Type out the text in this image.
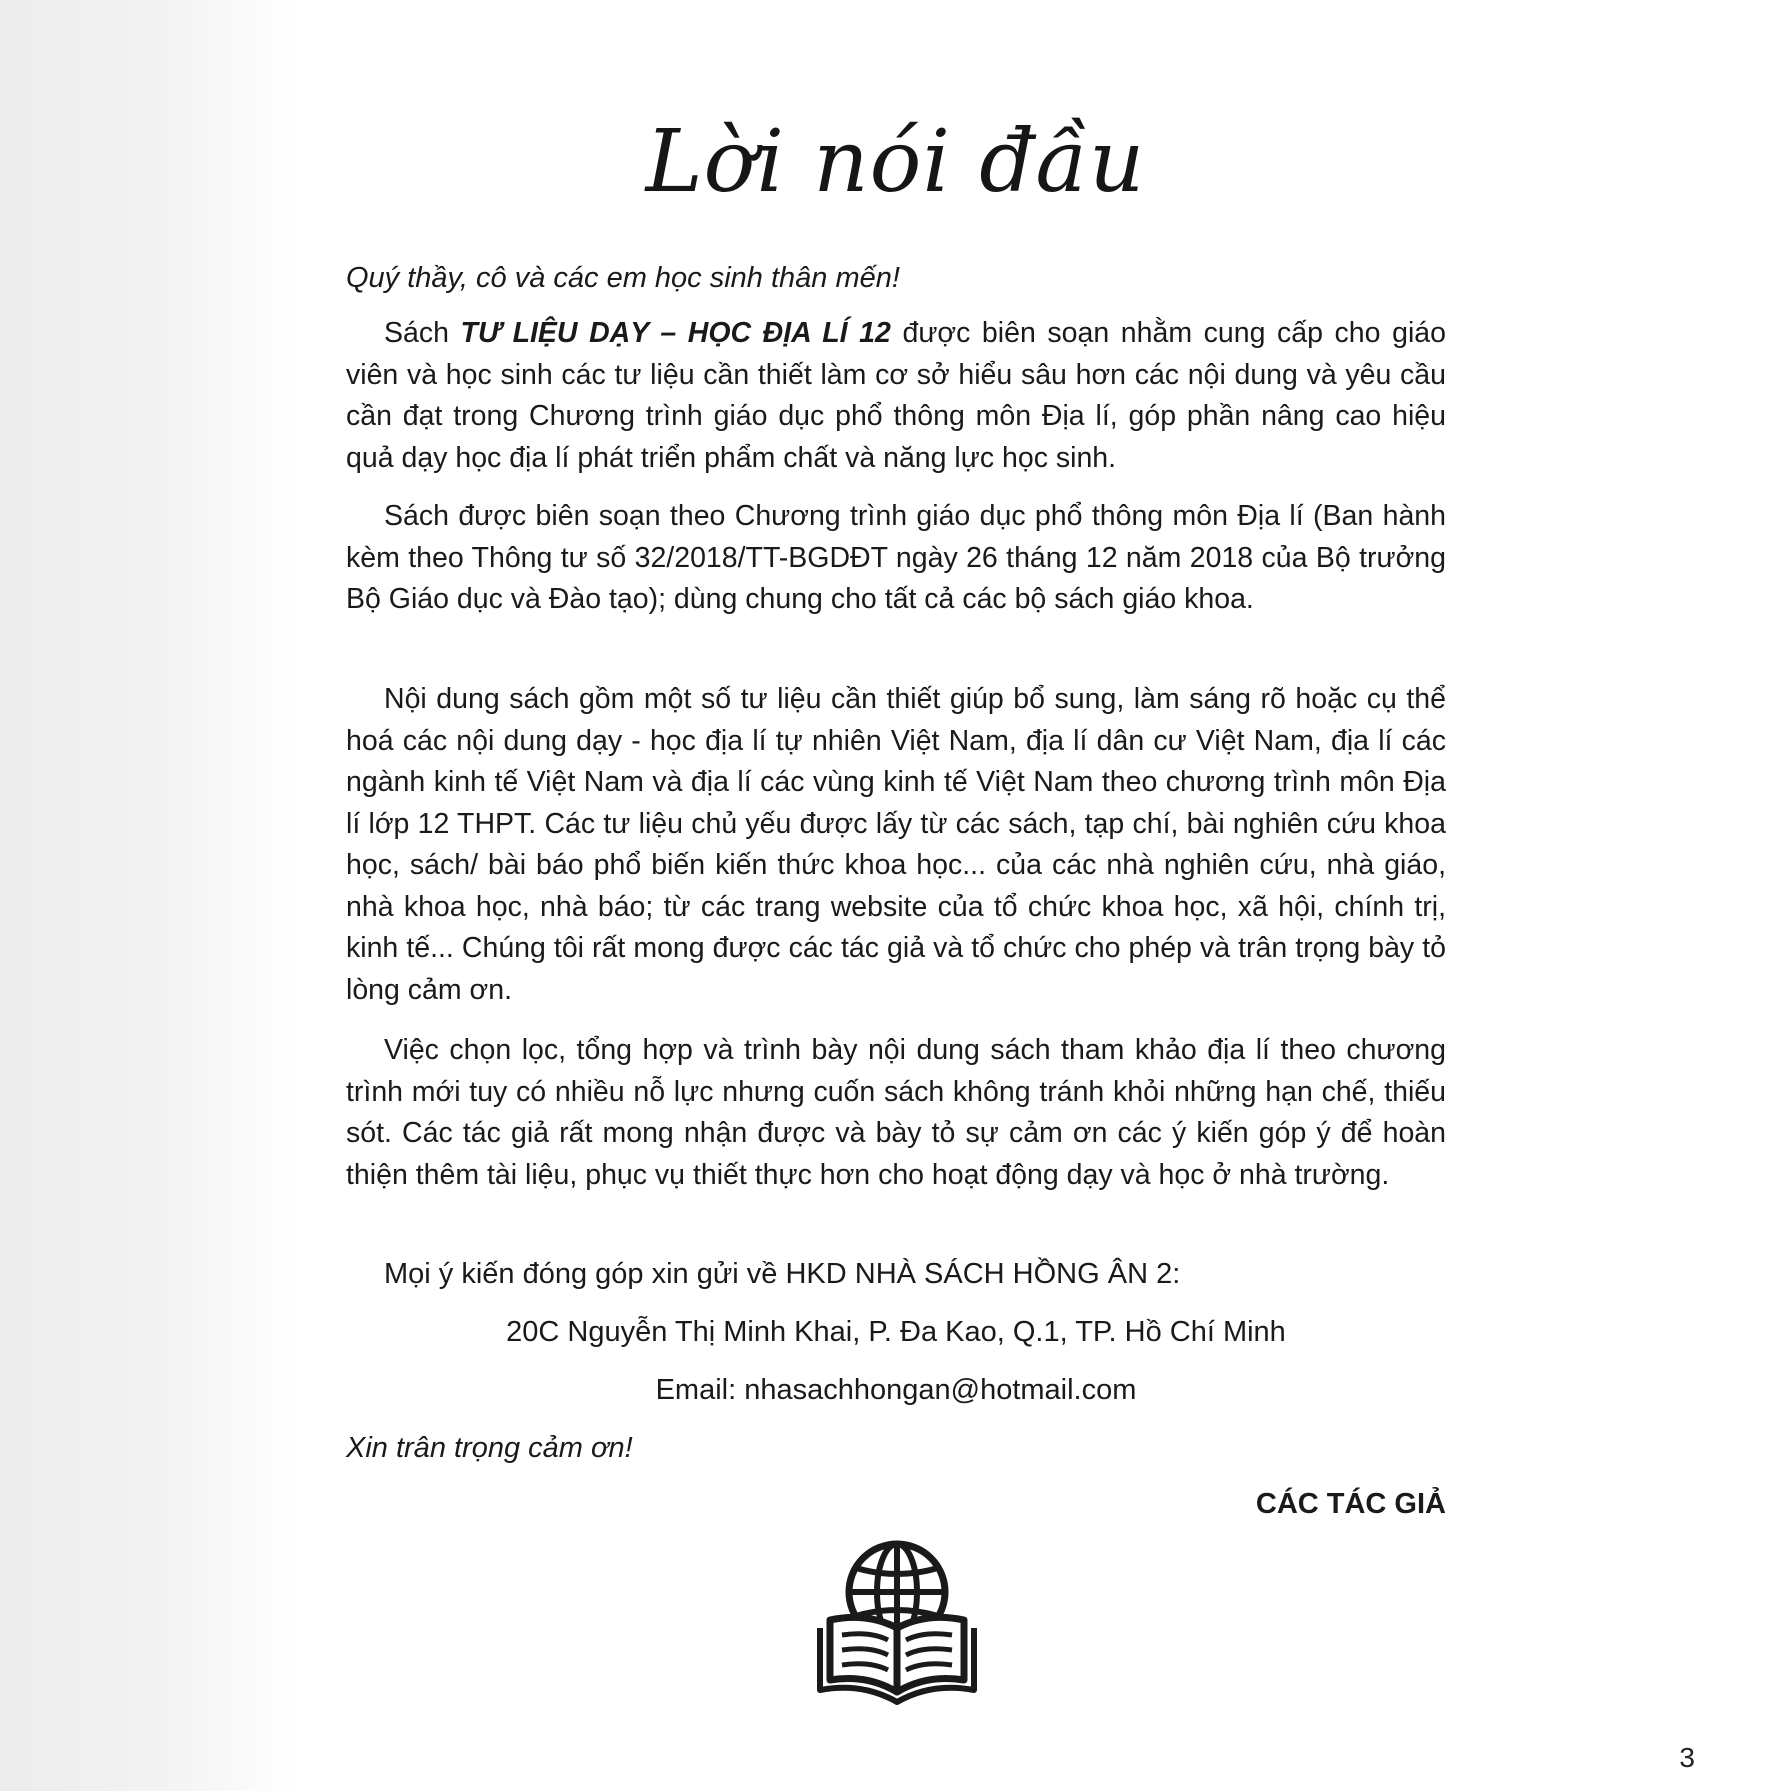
Lời nói đầu

Quý thầy, cô và các em học sinh thân mến!

Sách TƯ LIỆU DẠY – HỌC ĐỊA LÍ 12 được biên soạn nhằm cung cấp cho giáo viên và học sinh các tư liệu cần thiết làm cơ sở hiểu sâu hơn các nội dung và yêu cầu cần đạt trong Chương trình giáo dục phổ thông môn Địa lí, góp phần nâng cao hiệu quả dạy học địa lí phát triển phẩm chất và năng lực học sinh.

Sách được biên soạn theo Chương trình giáo dục phổ thông môn Địa lí (Ban hành kèm theo Thông tư số 32/2018/TT-BGDĐT ngày 26 tháng 12 năm 2018 của Bộ trưởng Bộ Giáo dục và Đào tạo); dùng chung cho tất cả các bộ sách giáo khoa.

Nội dung sách gồm một số tư liệu cần thiết giúp bổ sung, làm sáng rõ hoặc cụ thể hoá các nội dung dạy - học địa lí tự nhiên Việt Nam, địa lí dân cư Việt Nam, địa lí các ngành kinh tế Việt Nam và địa lí các vùng kinh tế Việt Nam theo chương trình môn Địa lí lớp 12 THPT. Các tư liệu chủ yếu được lấy từ các sách, tạp chí, bài nghiên cứu khoa học, sách/ bài báo phổ biến kiến thức khoa học... của các nhà nghiên cứu, nhà giáo, nhà khoa học, nhà báo; từ các trang website của tổ chức khoa học, xã hội, chính trị, kinh tế... Chúng tôi rất mong được các tác giả và tổ chức cho phép và trân trọng bày tỏ lòng cảm ơn.

Việc chọn lọc, tổng hợp và trình bày nội dung sách tham khảo địa lí theo chương trình mới tuy có nhiều nỗ lực nhưng cuốn sách không tránh khỏi những hạn chế, thiếu sót. Các tác giả rất mong nhận được và bày tỏ sự cảm ơn các ý kiến góp ý để hoàn thiện thêm tài liệu, phục vụ thiết thực hơn cho hoạt động dạy và học ở nhà trường.

Mọi ý kiến đóng góp xin gửi về HKD NHÀ SÁCH HỒNG ÂN 2:

20C Nguyễn Thị Minh Khai, P. Đa Kao, Q.1, TP. Hồ Chí Minh
Email: nhasachhongan@hotmail.com

Xin trân trọng cảm ơn!

CÁC TÁC GIẢ
3
